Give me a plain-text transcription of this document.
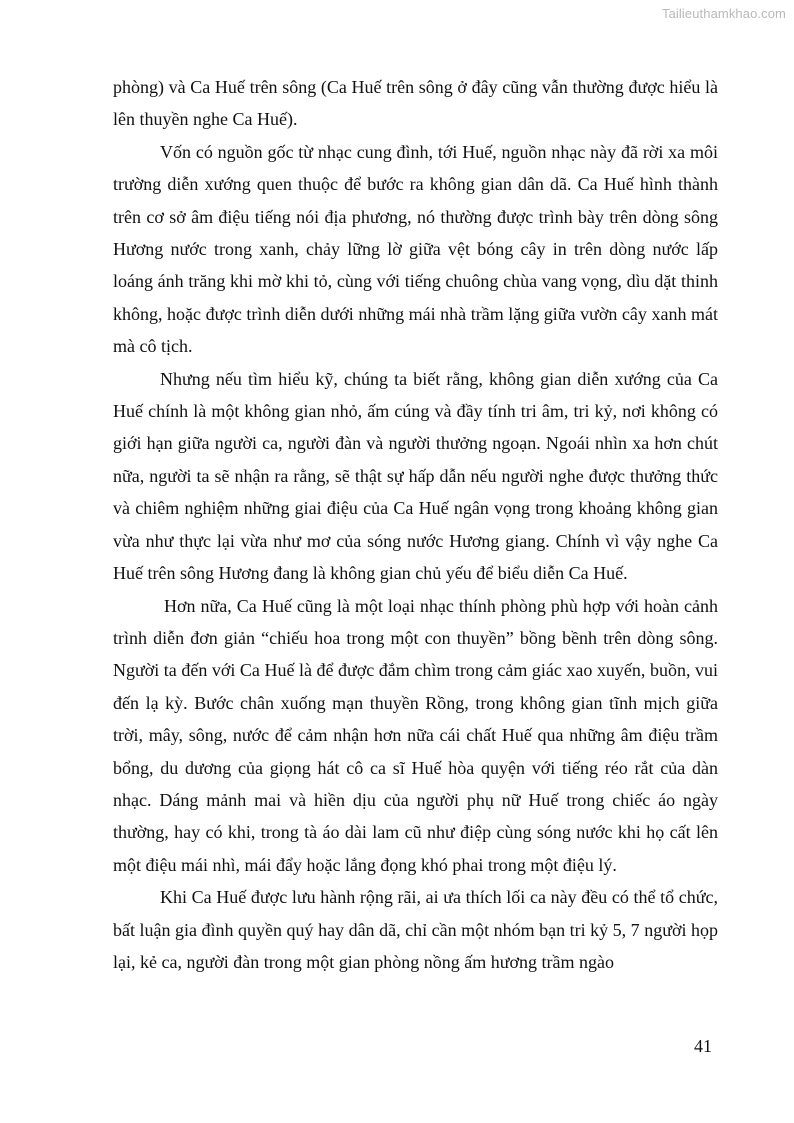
Tailieuthamkhao.com

phòng) và Ca Huế trên sông (Ca Huế trên sông ở đây cũng vẫn thường được hiểu là lên thuyền nghe Ca Huế).

Vốn có nguồn gốc từ nhạc cung đình, tới Huế, nguồn nhạc này đã rời xa môi trường diễn xướng quen thuộc để bước ra không gian dân dã. Ca Huế hình thành trên cơ sở âm điệu tiếng nói địa phương, nó thường được trình bày trên dòng sông Hương nước trong xanh, chảy lững lờ giữa vệt bóng cây in trên dòng nước lấp loáng ánh trăng khi mờ khi tỏ, cùng với tiếng chuông chùa vang vọng, dìu dặt thinh không, hoặc được trình diễn dưới những mái nhà trầm lặng giữa vườn cây xanh mát mà cô tịch.

Nhưng nếu tìm hiểu kỹ, chúng ta biết rằng, không gian diễn xướng của Ca Huế chính là một không gian nhỏ, ấm cúng và đầy tính tri âm, tri kỷ, nơi không có giới hạn giữa người ca, người đàn và người thưởng ngoạn. Ngoái nhìn xa hơn chút nữa, người ta sẽ nhận ra rằng, sẽ thật sự hấp dẫn nếu người nghe được thưởng thức và chiêm nghiệm những giai điệu của Ca Huế ngân vọng trong khoảng không gian vừa như thực lại vừa như mơ của sóng nước Hương giang. Chính vì vậy nghe Ca Huế trên sông Hương đang là không gian chủ yếu để biểu diễn Ca Huế.

Hơn nữa, Ca Huế cũng là một loại nhạc thính phòng phù hợp với hoàn cảnh trình diễn đơn giản “chiếu hoa trong một con thuyền” bồng bềnh trên dòng sông. Người ta đến với Ca Huế là để được đắm chìm trong cảm giác xao xuyến, buồn, vui đến lạ kỳ. Bước chân xuống mạn thuyền Rồng, trong không gian tĩnh mịch giữa trời, mây, sông, nước để cảm nhận hơn nữa cái chất Huế qua những âm điệu trầm bổng, du dương của giọng hát cô ca sĩ Huế hòa quyện với tiếng réo rắt của dàn nhạc. Dáng mảnh mai và hiền dịu của người phụ nữ Huế trong chiếc áo ngày thường, hay có khi, trong tà áo dài lam cũ như điệp cùng sóng nước khi họ cất lên một điệu mái nhì, mái đẩy hoặc lắng đọng khó phai trong một điệu lý.

Khi Ca Huế được lưu hành rộng rãi, ai ưa thích lối ca này đều có thể tổ chức, bất luận gia đình quyền quý hay dân dã, chỉ cần một nhóm bạn tri kỷ 5, 7 người họp lại, kẻ ca, người đàn trong một gian phòng nồng ấm hương trầm ngào

41
